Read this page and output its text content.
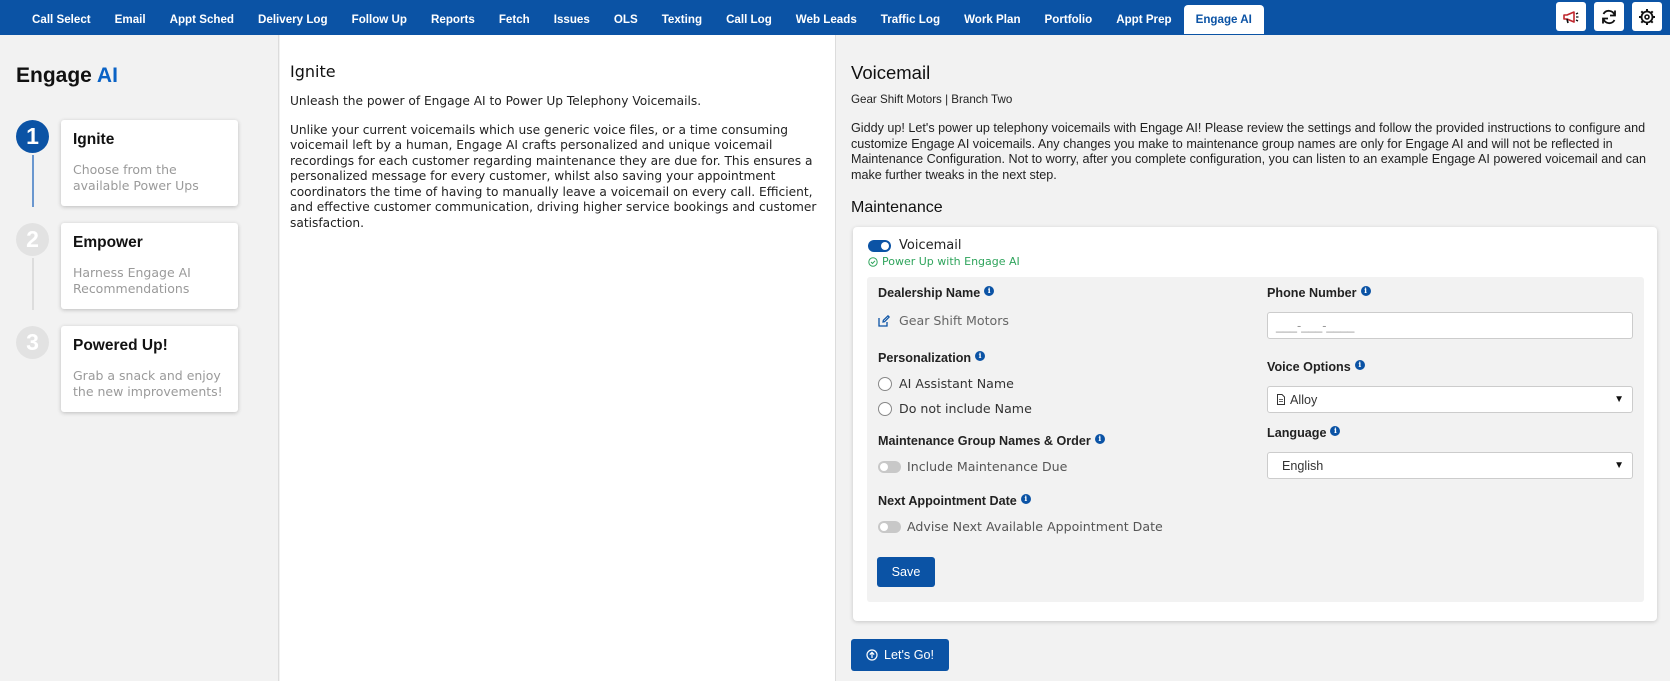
Call Select	Email	Appt Sched	Delivery Log	Follow Up	Reports	Fetch	Issues	OLS	Texting	Call Log	Web Leads	Traffic Log	Work Plan	Portfolio	Appt Prep	Engage AI
Engage AI
1	Ignite
Choose from the available Power Ups
2	Empower
Harness Engage AI Recommendations
3	Powered Up!
Grab a snack and enjoy the new improvements!
Ignite
Unleash the power of Engage AI to Power Up Telephony Voicemails.
Unlike your current voicemails which use generic voice files, or a time consuming voicemail left by a human, Engage AI crafts personalized and unique voicemail recordings for each customer regarding maintenance they are due for. This ensures a personalized message for every customer, whilst also saving your appointment coordinators the time of having to manually leave a voicemail on every call. Efficient, and effective customer communication, driving higher service bookings and customer satisfaction.
Voicemail
Gear Shift Motors | Branch Two
Giddy up! Let's power up telephony voicemails with Engage AI! Please review the settings and follow the provided instructions to configure and customize Engage AI voicemails. Any changes you make to maintenance group names are only for Engage AI and will not be reflected in Maintenance Configuration. Not to worry, after you complete configuration, you can listen to an example Engage AI powered voicemail and can make further tweaks in the next step.
Maintenance
Voicemail
Power Up with Engage AI
Dealership Name	i
Gear Shift Motors
Personalization	i
AI Assistant Name
Do not include Name
Maintenance Group Names & Order	i
Include Maintenance Due
Next Appointment Date	i
Advise Next Available Appointment Date
Save
Phone Number	i
___-___-____
Voice Options	i
Alloy	▼
Language	i
English	▼
Let's Go!
